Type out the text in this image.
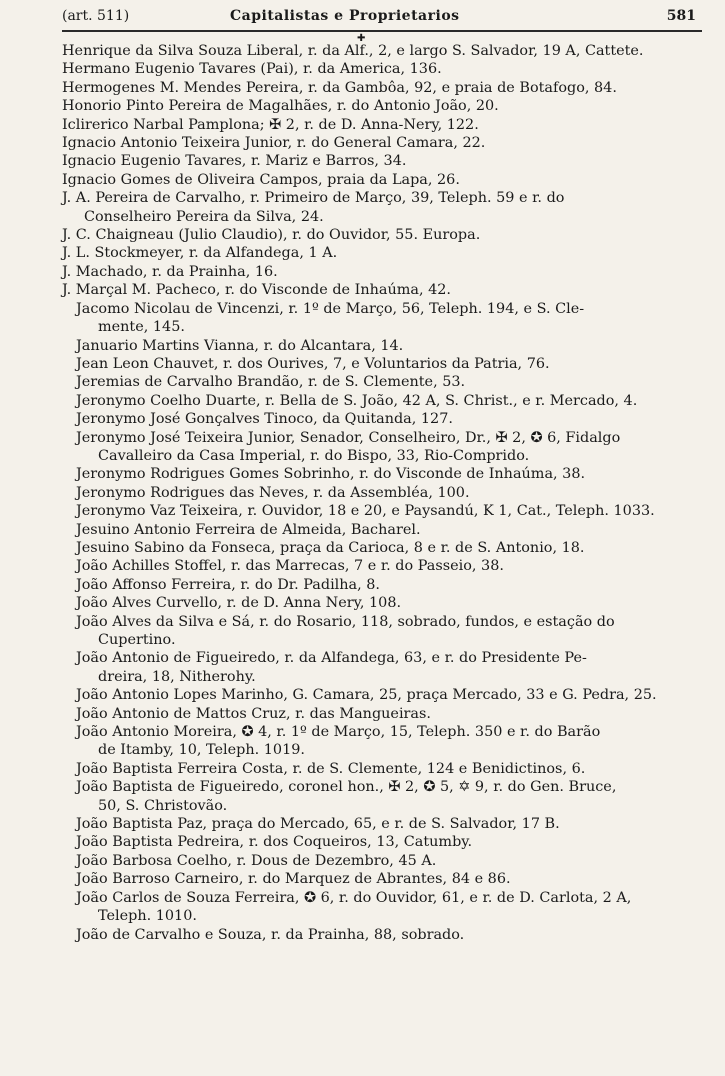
(art. 511)	Capitalistas e Proprietarios	581
✚
Henrique da Silva Souza Liberal, r. da Alf., 2, e largo S. Salvador, 19 A, Cattete.
Hermano Eugenio Tavares (Pai), r. da America, 136.
Hermogenes M. Mendes Pereira, r. da Gambôa, 92, e praia de Botafogo, 84.
Honorio Pinto Pereira de Magalhães, r. do Antonio João, 20.
Iclirerico Narbal Pamplona; ✠ 2, r. de D. Anna-Nery, 122.
Ignacio Antonio Teixeira Junior, r. do General Camara, 22.
Ignacio Eugenio Tavares, r. Mariz e Barros, 34.
Ignacio Gomes de Oliveira Campos, praia da Lapa, 26.
J. A. Pereira de Carvalho, r. Primeiro de Março, 39, Teleph. 59 e r. do
Conselheiro Pereira da Silva, 24.
J. C. Chaigneau (Julio Claudio), r. do Ouvidor, 55. Europa.
J. L. Stockmeyer, r. da Alfandega, 1 A.
J. Machado, r. da Prainha, 16.
J. Marçal M. Pacheco, r. do Visconde de Inhaúma, 42.
Jacomo Nicolau de Vincenzi, r. 1º de Março, 56, Teleph. 194, e S. Cle-
mente, 145.
Januario Martins Vianna, r. do Alcantara, 14.
Jean Leon Chauvet, r. dos Ourives, 7, e Voluntarios da Patria, 76.
Jeremias de Carvalho Brandão, r. de S. Clemente, 53.
Jeronymo Coelho Duarte, r. Bella de S. João, 42 A, S. Christ., e r. Mercado, 4.
Jeronymo José Gonçalves Tinoco, da Quitanda, 127.
Jeronymo José Teixeira Junior, Senador, Conselheiro, Dr., ✠ 2, ✪ 6, Fidalgo
Cavalleiro da Casa Imperial, r. do Bispo, 33, Rio-Comprido.
Jeronymo Rodrigues Gomes Sobrinho, r. do Visconde de Inhaúma, 38.
Jeronymo Rodrigues das Neves, r. da Assembléa, 100.
Jeronymo Vaz Teixeira, r. Ouvidor, 18 e 20, e Paysandú, K 1, Cat., Teleph. 1033.
Jesuino Antonio Ferreira de Almeida, Bacharel.
Jesuino Sabino da Fonseca, praça da Carioca, 8 e r. de S. Antonio, 18.
João Achilles Stoffel, r. das Marrecas, 7 e r. do Passeio, 38.
João Affonso Ferreira, r. do Dr. Padilha, 8.
João Alves Curvello, r. de D. Anna Nery, 108.
João Alves da Silva e Sá, r. do Rosario, 118, sobrado, fundos, e estação do
Cupertino.
João Antonio de Figueiredo, r. da Alfandega, 63, e r. do Presidente Pe-
dreira, 18, Nitherohy.
João Antonio Lopes Marinho, G. Camara, 25, praça Mercado, 33 e G. Pedra, 25.
João Antonio de Mattos Cruz, r. das Mangueiras.
João Antonio Moreira, ✪ 4, r. 1º de Março, 15, Teleph. 350 e r. do Barão
de Itamby, 10, Teleph. 1019.
João Baptista Ferreira Costa, r. de S. Clemente, 124 e Benidictinos, 6.
João Baptista de Figueiredo, coronel hon., ✠ 2, ✪ 5, ✡ 9, r. do Gen. Bruce,
50, S. Christovão.
João Baptista Paz, praça do Mercado, 65, e r. de S. Salvador, 17 B.
João Baptista Pedreira, r. dos Coqueiros, 13, Catumby.
João Barbosa Coelho, r. Dous de Dezembro, 45 A.
João Barroso Carneiro, r. do Marquez de Abrantes, 84 e 86.
João Carlos de Souza Ferreira, ✪ 6, r. do Ouvidor, 61, e r. de D. Carlota, 2 A,
Teleph. 1010.
João de Carvalho e Souza, r. da Prainha, 88, sobrado.
